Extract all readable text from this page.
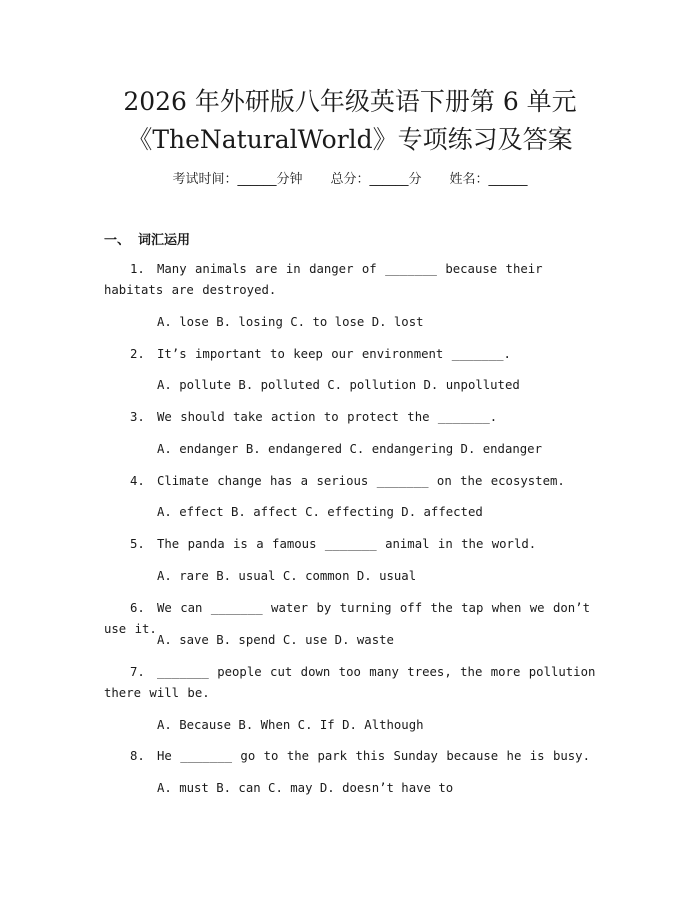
2026 年外研版八年级英语下册第 6 单元
《TheNaturalWorld》专项练习及答案
考试时间：______分钟 总分：______分 姓名：______
一、 词汇运用
1. Many animals are in danger of _______ because their habitats are destroyed.
A. lose B. losing C. to lose D. lost
2. It’s important to keep our environment _______.
A. pollute B. polluted C. pollution D. unpolluted
3. We should take action to protect the _______.
A. endanger B. endangered C. endangering D. endanger
4. Climate change has a serious _______ on the ecosystem.
A. effect B. affect C. effecting D. affected
5. The panda is a famous _______ animal in the world.
A. rare B. usual C. common D. usual
6. We can _______ water by turning off the tap when we don’t use it.
A. save B. spend C. use D. waste
7. _______ people cut down too many trees, the more pollution there will be.
A. Because B. When C. If D. Although
8. He _______ go to the park this Sunday because he is busy.
A. must B. can C. may D. doesn’t have to
